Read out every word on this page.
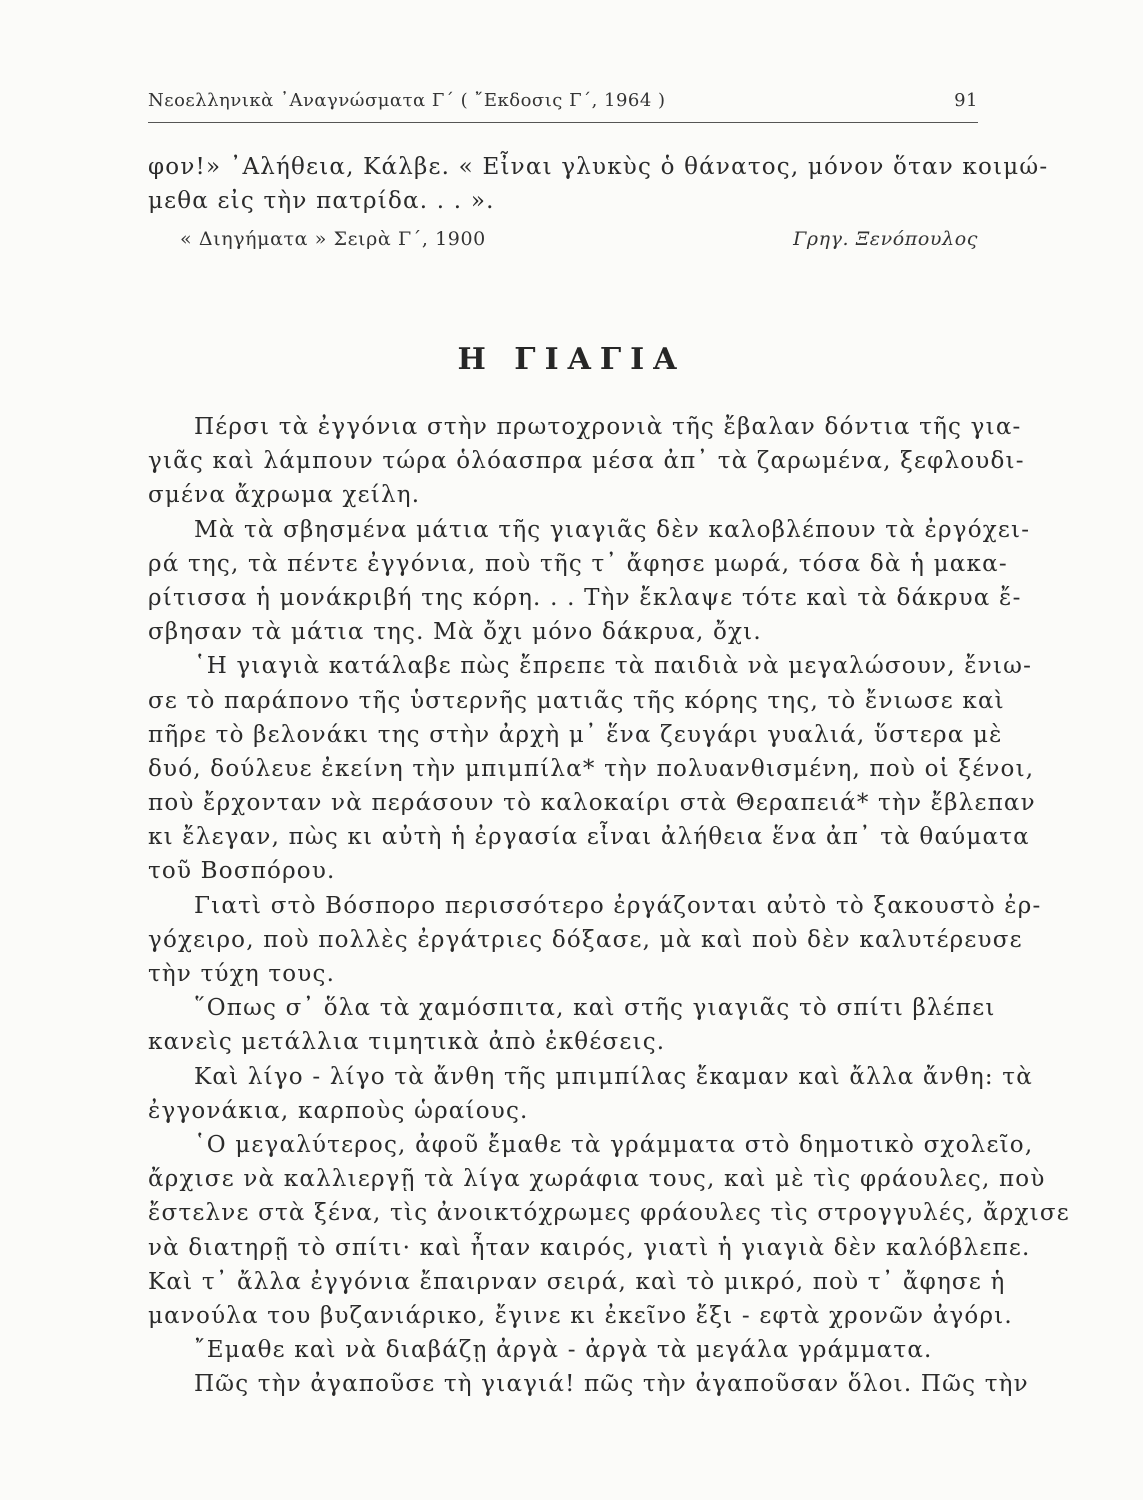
Νεοελληνικὰ ᾿Αναγνώσματα Γ΄ ( ῎Εκδοσις Γ΄, 1964 )	91
φον!» ᾿Αλήθεια, Κάλβε. « Εἶναι γλυκὺς ὁ θάνατος, μόνον ὅταν κοιμώ-
μεθα εἰς τὴν πατρίδα. . . ».
« Διηγήματα » Σειρὰ Γ΄, 1900	Γρηγ. Ξενόπουλος
Η ΓΙΑΓΙΑ
Πέρσι τὰ ἐγγόνια στὴν πρωτοχρονιὰ τῆς ἔβαλαν δόντια τῆς για-
γιᾶς καὶ λάμπουν τώρα ὁλόασπρα μέσα ἀπ᾿ τὰ ζαρωμένα, ξεφλουδι-
σμένα ἄχρωμα χείλη.
Μὰ τὰ σβησμένα μάτια τῆς γιαγιᾶς δὲν καλοβλέπουν τὰ ἐργόχει-
ρά της, τὰ πέντε ἐγγόνια, ποὺ τῆς τ᾿ ἄφησε μωρά, τόσα δὰ ἡ μακα-
ρίτισσα ἡ μονάκριβή της κόρη. . . Τὴν ἔκλαψε τότε καὶ τὰ δάκρυα ἔ-
σβησαν τὰ μάτια της. Μὰ ὄχι μόνο δάκρυα, ὄχι.
῾Η γιαγιὰ κατάλαβε πὼς ἔπρεπε τὰ παιδιὰ νὰ μεγαλώσουν, ἔνιω-
σε τὸ παράπονο τῆς ὑστερνῆς ματιᾶς τῆς κόρης της, τὸ ἔνιωσε καὶ
πῆρε τὸ βελονάκι της στὴν ἀρχὴ μ᾿ ἕνα ζευγάρι γυαλιά, ὕστερα μὲ
δυό, δούλευε ἐκείνη τὴν μπιμπίλα* τὴν πολυανθισμένη, ποὺ οἱ ξένοι,
ποὺ ἔρχονταν νὰ περάσουν τὸ καλοκαίρι στὰ Θεραπειά* τὴν ἔβλεπαν
κι ἔλεγαν, πὼς κι αὐτὴ ἡ ἐργασία εἶναι ἀλήθεια ἕνα ἀπ᾿ τὰ θαύματα
τοῦ Βοσπόρου.
Γιατὶ στὸ Βόσπορο περισσότερο ἐργάζονται αὐτὸ τὸ ξακουστὸ ἐρ-
γόχειρο, ποὺ πολλὲς ἐργάτριες δόξασε, μὰ καὶ ποὺ δὲν καλυτέρευσε
τὴν τύχη τους.
῞Οπως σ᾿ ὅλα τὰ χαμόσπιτα, καὶ στῆς γιαγιᾶς τὸ σπίτι βλέπει
κανεὶς μετάλλια τιμητικὰ ἀπὸ ἐκθέσεις.
Καὶ λίγο - λίγο τὰ ἄνθη τῆς μπιμπίλας ἔκαμαν καὶ ἄλλα ἄνθη: τὰ
ἐγγονάκια, καρποὺς ὡραίους.
῾Ο μεγαλύτερος, ἀφοῦ ἔμαθε τὰ γράμματα στὸ δημοτικὸ σχολεῖο,
ἄρχισε νὰ καλλιεργῇ τὰ λίγα χωράφια τους, καὶ μὲ τὶς φράουλες, ποὺ
ἔστελνε στὰ ξένα, τὶς ἀνοικτόχρωμες φράουλες τὶς στρογγυλές, ἄρχισε
νὰ διατηρῇ τὸ σπίτι· καὶ ἦταν καιρός, γιατὶ ἡ γιαγιὰ δὲν καλόβλεπε.
Καὶ τ᾿ ἄλλα ἐγγόνια ἔπαιρναν σειρά, καὶ τὸ μικρό, ποὺ τ᾿ ἄφησε ἡ
μανούλα του βυζανιάρικο, ἔγινε κι ἐκεῖνο ἔξι - εφτὰ χρονῶν ἀγόρι.
῎Εμαθε καὶ νὰ διαβάζῃ ἀργὰ - ἀργὰ τὰ μεγάλα γράμματα.
Πῶς τὴν ἀγαποῦσε τὴ γιαγιά! πῶς τὴν ἀγαποῦσαν ὅλοι. Πῶς τὴν
